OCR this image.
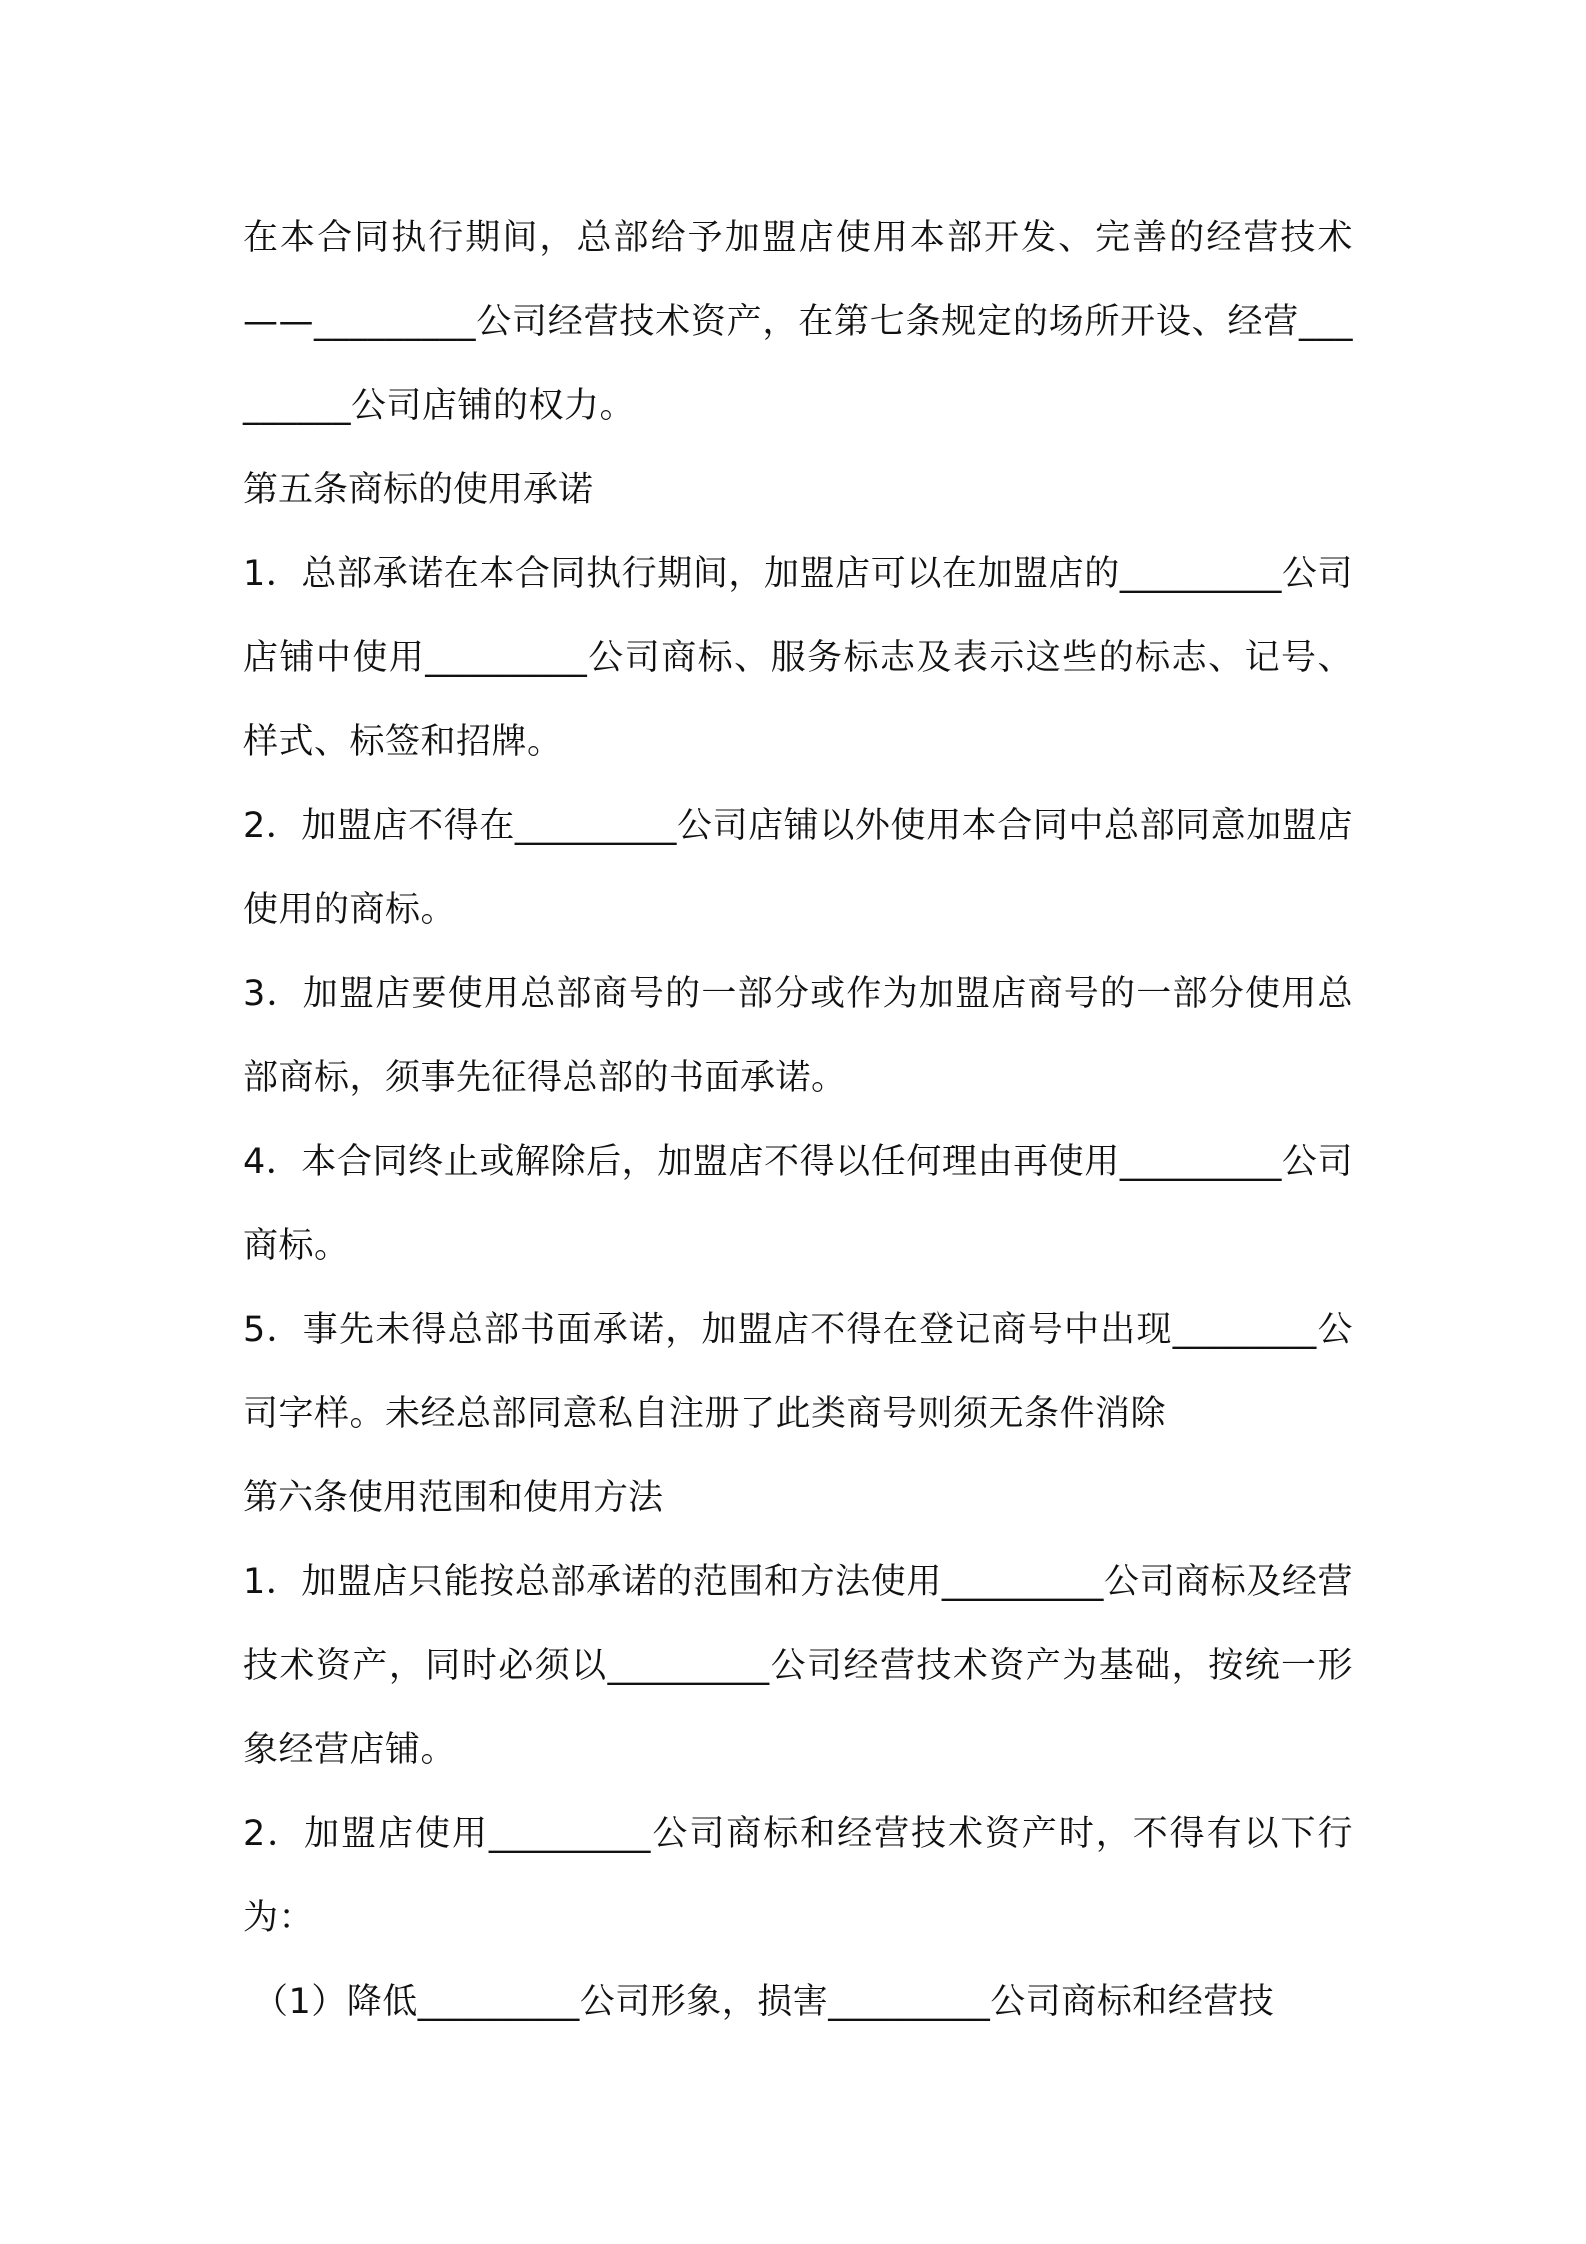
在本合同执行期间，总部给予加盟店使用本部开发、完善的经营技术——_________公司经营技术资产，在第七条规定的场所开设、经营_________公司店铺的权力。

第五条商标的使用承诺

1．总部承诺在本合同执行期间，加盟店可以在加盟店的_________公司店铺中使用_________公司商标、服务标志及表示这些的标志、记号、样式、标签和招牌。

2．加盟店不得在_________公司店铺以外使用本合同中总部同意加盟店使用的商标。

3．加盟店要使用总部商号的一部分或作为加盟店商号的一部分使用总部商标，须事先征得总部的书面承诺。

4．本合同终止或解除后，加盟店不得以任何理由再使用_________公司商标。

5．事先未得总部书面承诺，加盟店不得在登记商号中出现________公司字样。未经总部同意私自注册了此类商号则须无条件消除

第六条使用范围和使用方法

1．加盟店只能按总部承诺的范围和方法使用_________公司商标及经营技术资产，同时必须以_________公司经营技术资产为基础，按统一形象经营店铺。

2．加盟店使用_________公司商标和经营技术资产时，不得有以下行为：

（1）降低_________公司形象，损害_________公司商标和经营技
